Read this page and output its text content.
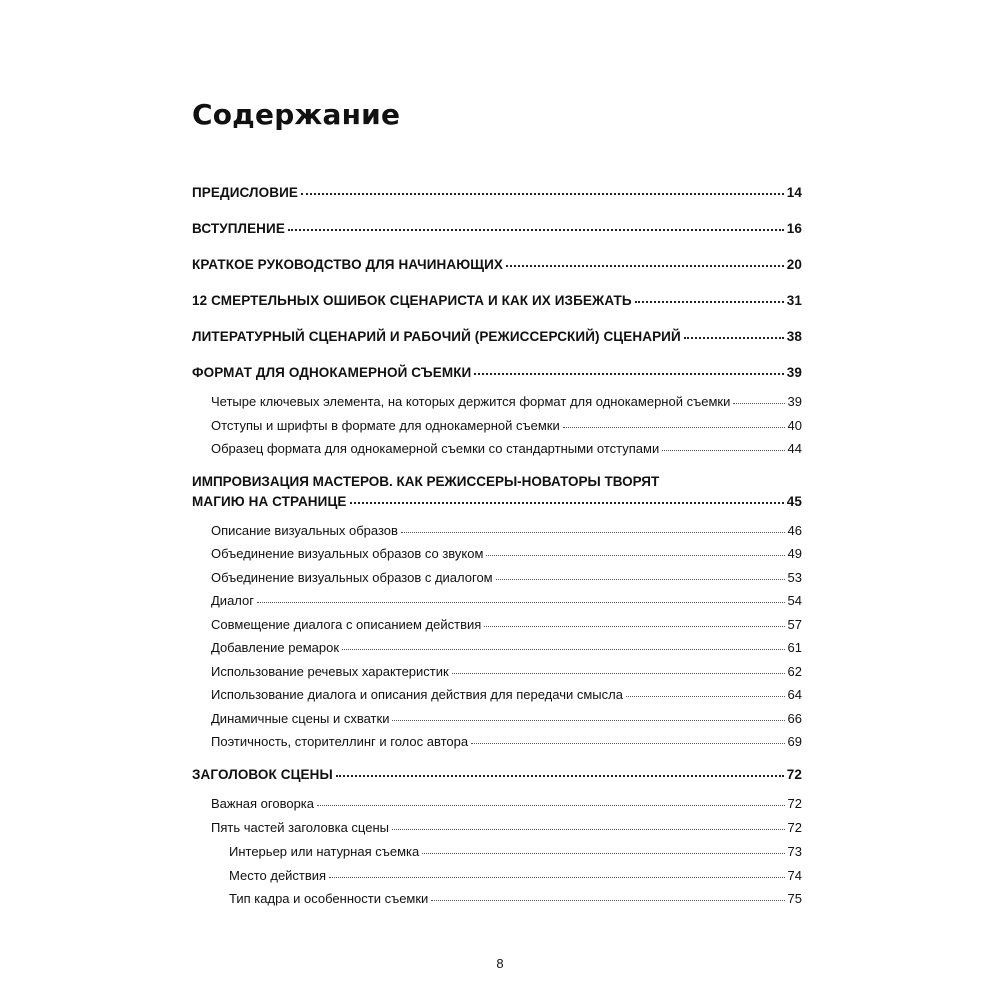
Содержание
ПРЕДИСЛОВИЕ	14
ВСТУПЛЕНИЕ	16
КРАТКОЕ РУКОВОДСТВО ДЛЯ НАЧИНАЮЩИХ	20
12 СМЕРТЕЛЬНЫХ ОШИБОК СЦЕНАРИСТА И КАК ИХ ИЗБЕЖАТЬ	31
ЛИТЕРАТУРНЫЙ СЦЕНАРИЙ И РАБОЧИЙ (РЕЖИССЕРСКИЙ) СЦЕНАРИЙ	38
ФОРМАТ ДЛЯ ОДНОКАМЕРНОЙ СЪЕМКИ	39
Четыре ключевых элемента, на которых держится формат для однокамерной съемки	39
Отступы и шрифты в формате для однокамерной съемки	40
Образец формата для однокамерной съемки со стандартными отступами	44
ИМПРОВИЗАЦИЯ МАСТЕРОВ. КАК РЕЖИССЕРЫ-НОВАТОРЫ ТВОРЯТ
МАГИЮ НА СТРАНИЦЕ	45
Описание визуальных образов	46
Объединение визуальных образов со звуком	49
Объединение визуальных образов с диалогом	53
Диалог	54
Совмещение диалога с описанием действия	57
Добавление ремарок	61
Использование речевых характеристик	62
Использование диалога и описания действия для передачи смысла	64
Динамичные сцены и схватки	66
Поэтичность, сторителлинг и голос автора	69
ЗАГОЛОВОК СЦЕНЫ	72
Важная оговорка	72
Пять частей заголовка сцены	72
Интерьер или натурная съемка	73
Место действия	74
Тип кадра и особенности съемки	75
8
